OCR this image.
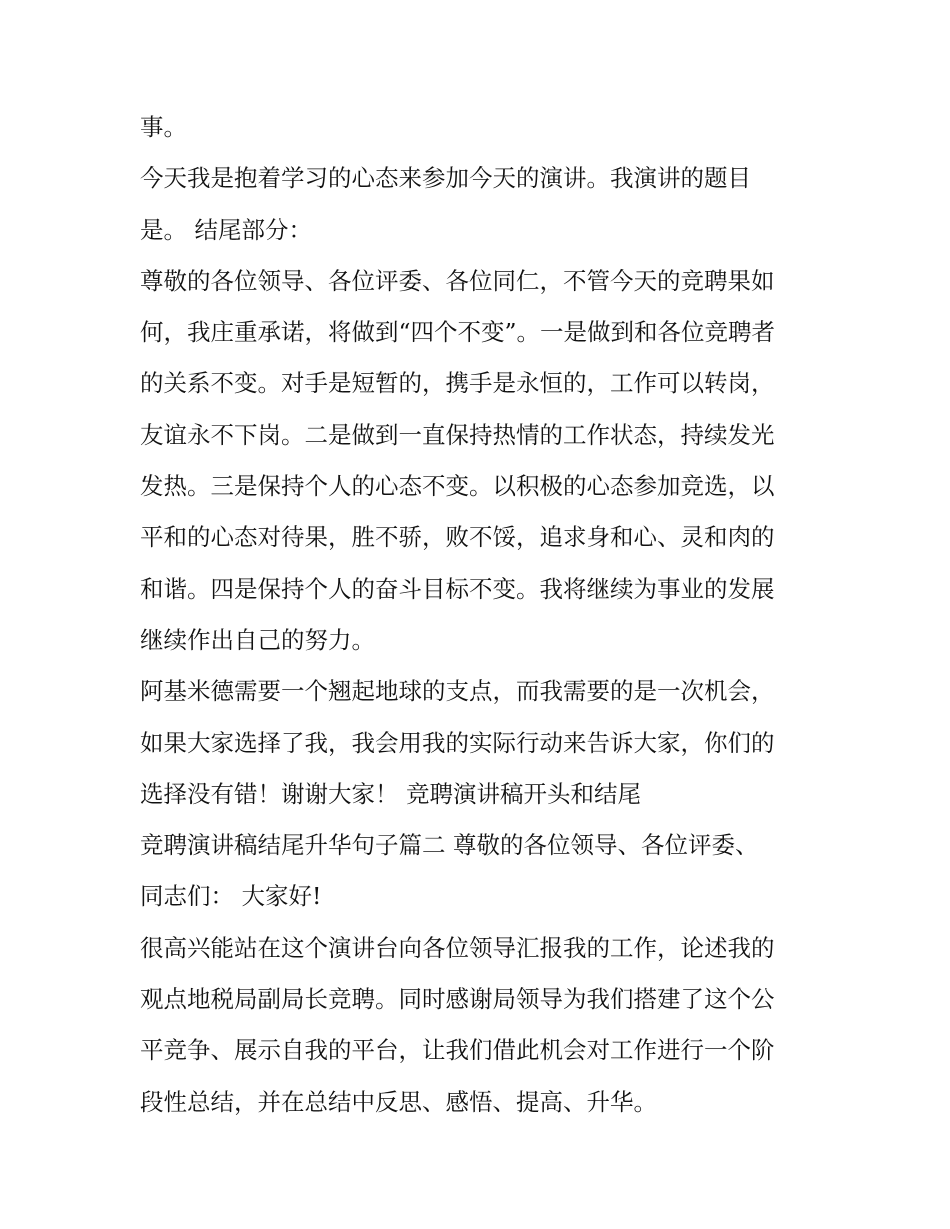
事。
今天我是抱着学习的心态来参加今天的演讲。我演讲的题目
是。 结尾部分：
尊敬的各位领导、各位评委、各位同仁，不管今天的竞聘果如
何，我庄重承诺，将做到“四个不变”。一是做到和各位竞聘者
的关系不变。对手是短暂的，携手是永恒的，工作可以转岗，
友谊永不下岗。二是做到一直保持热情的工作状态，持续发光
发热。三是保持个人的心态不变。以积极的心态参加竞选，以
平和的心态对待果，胜不骄，败不馁，追求身和心、灵和肉的
和谐。四是保持个人的奋斗目标不变。我将继续为事业的发展
继续作出自己的努力。
阿基米德需要一个翘起地球的支点，而我需要的是一次机会，
如果大家选择了我，我会用我的实际行动来告诉大家，你们的
选择没有错！谢谢大家！ 竞聘演讲稿开头和结尾
竞聘演讲稿结尾升华句子篇二 尊敬的各位领导、各位评委、
同志们： 大家好!
很高兴能站在这个演讲台向各位领导汇报我的工作，论述我的
观点地税局副局长竞聘。同时感谢局领导为我们搭建了这个公
平竞争、展示自我的平台，让我们借此机会对工作进行一个阶
段性总结，并在总结中反思、感悟、提高、升华。
